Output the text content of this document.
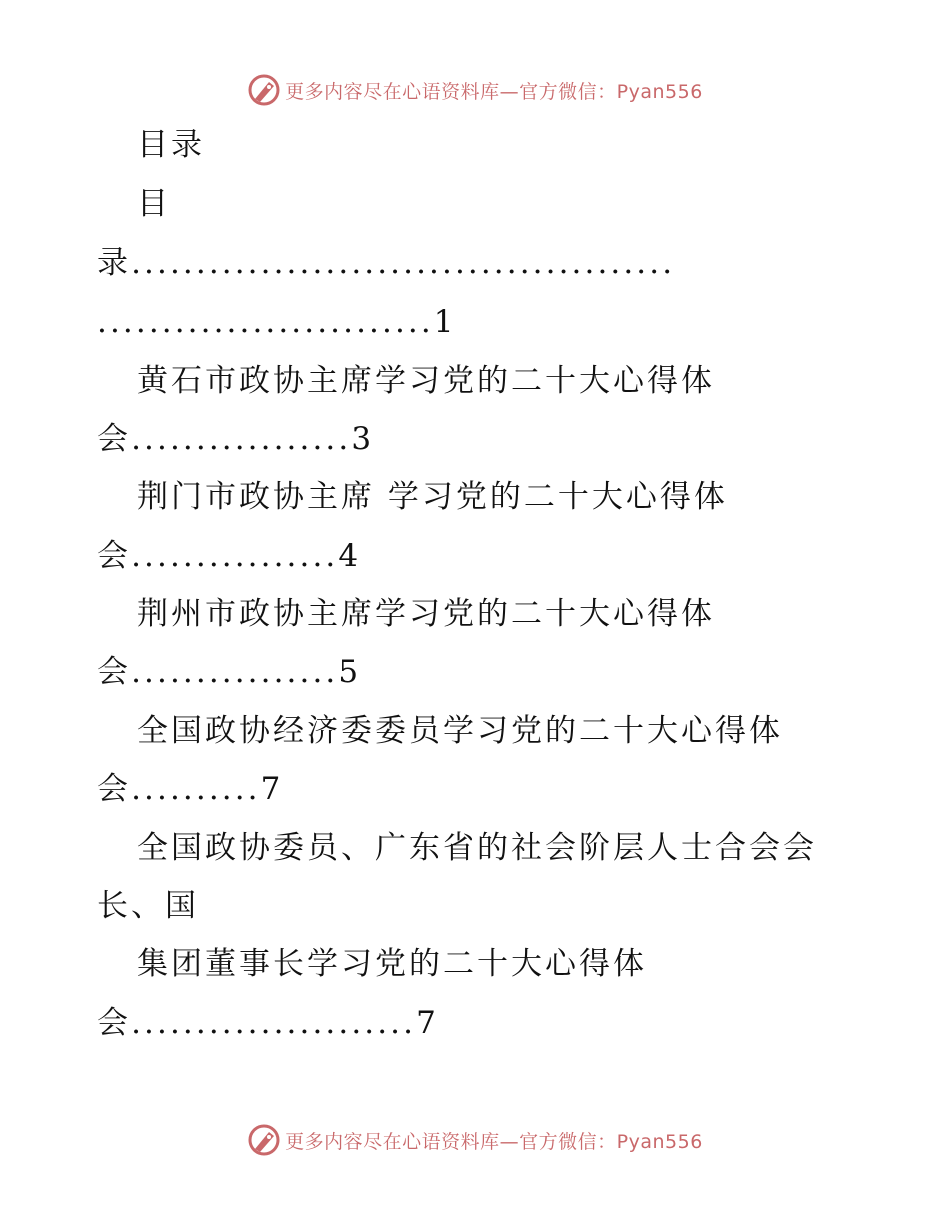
更多内容尽在心语资料库—官方微信：Pyan556
目录
目
录..........................................
..........................1
黄石市政协主席学习党的二十大心得体
会.................3
荆门市政协主席 学习党的二十大心得体
会................4
荆州市政协主席学习党的二十大心得体
会................5
全国政协经济委委员学习党的二十大心得体
会..........7
全国政协委员、广东省的社会阶层人士合会会
长、国
集团董事长学习党的二十大心得体
会......................7
更多内容尽在心语资料库—官方微信：Pyan556
